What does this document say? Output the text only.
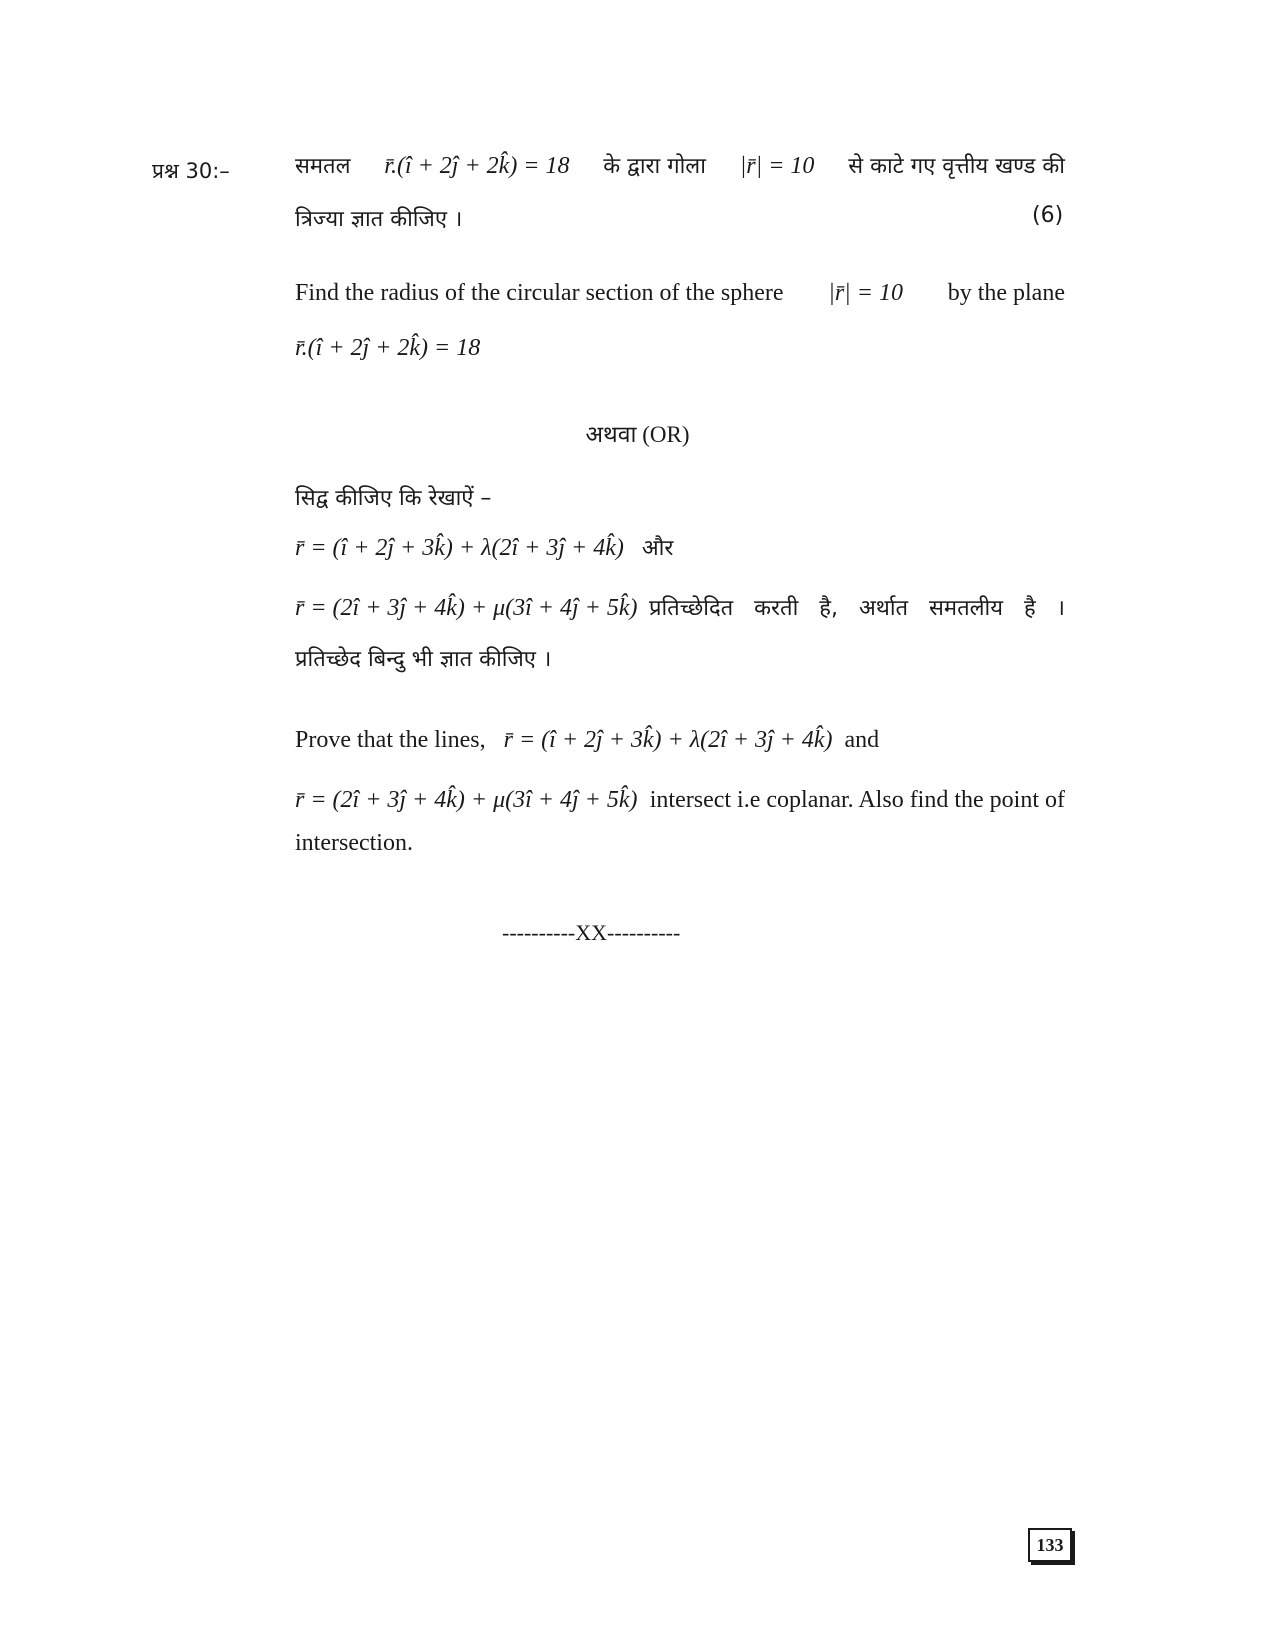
प्रश्न 30:–	समतल r̄.(î + 2ĵ + 2k̂) = 18 के द्वारा गोला |r̄| = 10 से काटे गए वृत्तीय खण्ड की
त्रिज्या ज्ञात कीजिए ।	(6)
Find the radius of the circular section of the sphere |r̄| = 10 by the plane
r̄.(î + 2ĵ + 2k̂) = 18
अथवा (OR)
सिद्व कीजिए कि रेखाऐं –
r̄ = (î + 2ĵ + 3k̂) + λ(2î + 3ĵ + 4k̂) और
r̄ = (2î + 3ĵ + 4k̂) + μ(3î + 4ĵ + 5k̂) प्रतिच्छेदित करती है, अर्थात समतलीय है ।
प्रतिच्छेद बिन्दु भी ज्ञात कीजिए ।
Prove that the lines, r̄ = (î + 2ĵ + 3k̂) + λ(2î + 3ĵ + 4k̂) and
r̄ = (2î + 3ĵ + 4k̂) + μ(3î + 4ĵ + 5k̂) intersect i.e coplanar. Also find the point of
intersection.
----------XX----------
133
